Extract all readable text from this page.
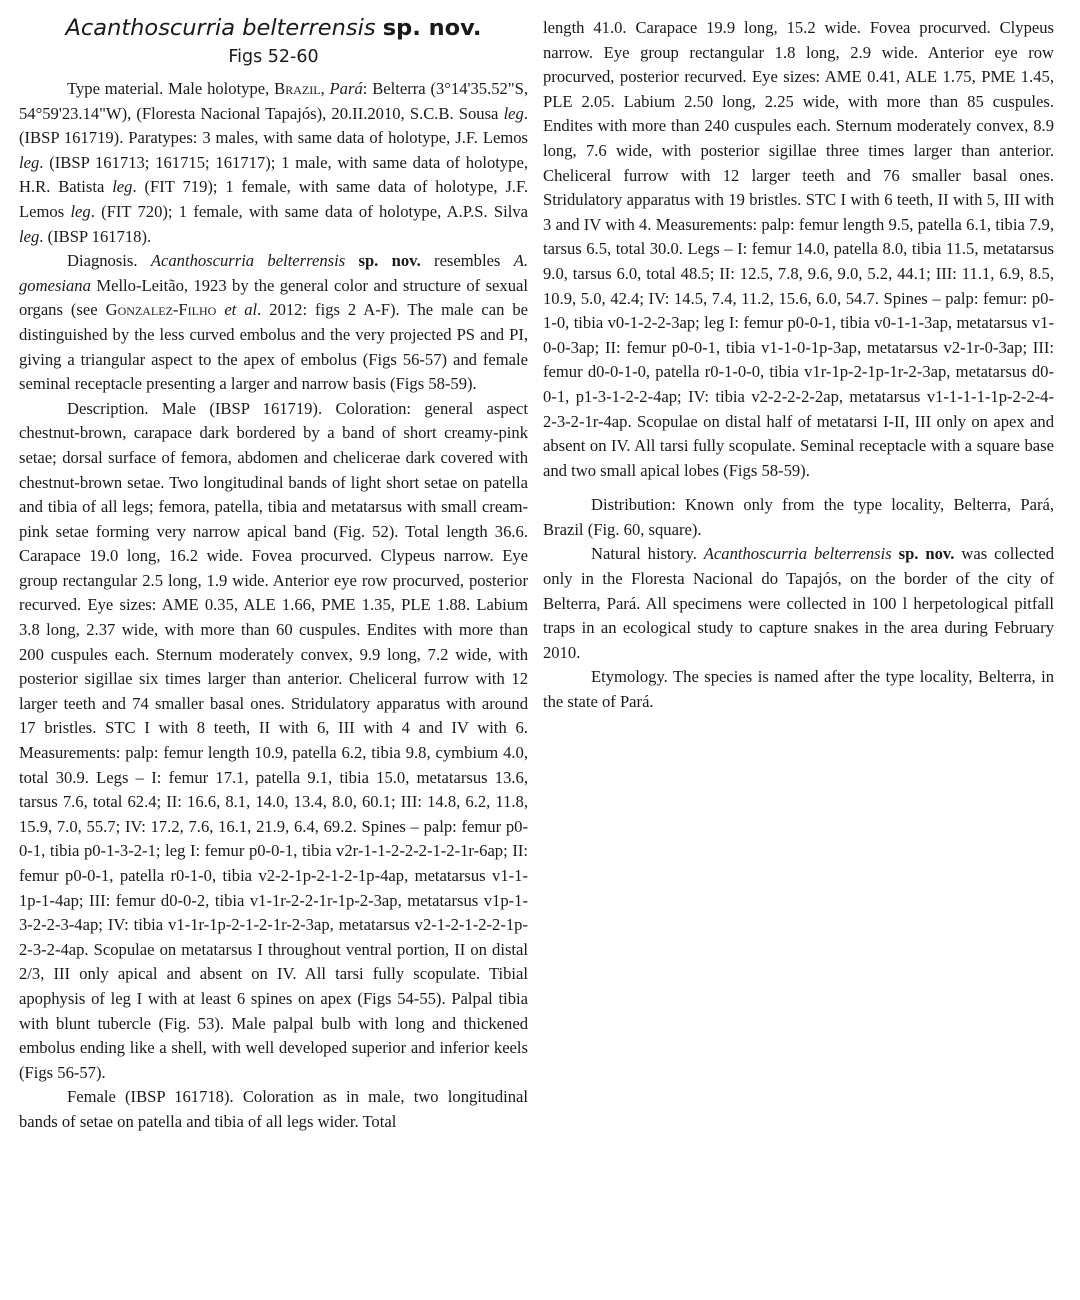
Acanthoscurria belterrensis sp. nov.
Figs 52-60

Type material. Male holotype, Brazil, Pará: Belterra (3°14'35.52"S, 54°59'23.14"W), (Floresta Nacional Tapajós), 20.II.2010, S.C.B. Sousa leg. (IBSP 161719). Paratypes: 3 males, with same data of holotype, J.F. Lemos leg. (IBSP 161713; 161715; 161717); 1 male, with same data of holotype, H.R. Batista leg. (FIT 719); 1 female, with same data of holotype, J.F. Lemos leg. (FIT 720); 1 female, with same data of holotype, A.P.S. Silva leg. (IBSP 161718).

Diagnosis. Acanthoscurria belterrensis sp. nov. resembles A. gomesiana Mello-Leitão, 1923 by the general color and structure of sexual organs (see Gonzalez-Filho et al. 2012: figs 2 A-F). The male can be distinguished by the less curved embolus and the very projected PS and PI, giving a triangular aspect to the apex of embolus (Figs 56-57) and female seminal receptacle presenting a larger and narrow basis (Figs 58-59).

Description. Male (IBSP 161719). Coloration: general aspect chestnut-brown, carapace dark bordered by a band of short creamy-pink setae; dorsal surface of femora, abdomen and chelicerae dark covered with chestnut-brown setae. Two longitudinal bands of light short setae on patella and tibia of all legs; femora, patella, tibia and metatarsus with small cream-pink setae forming very narrow apical band (Fig. 52). Total length 36.6. Carapace 19.0 long, 16.2 wide. Fovea procurved. Clypeus narrow. Eye group rectangular 2.5 long, 1.9 wide. Anterior eye row procurved, posterior recurved. Eye sizes: AME 0.35, ALE 1.66, PME 1.35, PLE 1.88. Labium 3.8 long, 2.37 wide, with more than 60 cuspules. Endites with more than 200 cuspules each. Sternum moderately convex, 9.9 long, 7.2 wide, with posterior sigillae six times larger than anterior. Cheliceral furrow with 12 larger teeth and 74 smaller basal ones. Stridulatory apparatus with around 17 bristles. STC I with 8 teeth, II with 6, III with 4 and IV with 6. Measurements: palp: femur length 10.9, patella 6.2, tibia 9.8, cymbium 4.0, total 30.9. Legs – I: femur 17.1, patella 9.1, tibia 15.0, metatarsus 13.6, tarsus 7.6, total 62.4; II: 16.6, 8.1, 14.0, 13.4, 8.0, 60.1; III: 14.8, 6.2, 11.8, 15.9, 7.0, 55.7; IV: 17.2, 7.6, 16.1, 21.9, 6.4, 69.2. Spines – palp: femur p0-0-1, tibia p0-1-3-2-1; leg I: femur p0-0-1, tibia v2r-1-1-2-2-2-1-2-1r-6ap; II: femur p0-0-1, patella r0-1-0, tibia v2-2-1p-2-1-2-1p-4ap, metatarsus v1-1-1p-1-4ap; III: femur d0-0-2, tibia v1-1r-2-2-1r-1p-2-3ap, metatarsus v1p-1-3-2-2-3-4ap; IV: tibia v1-1r-1p-2-1-2-1r-2-3ap, metatarsus v2-1-2-1-2-2-1p-2-3-2-4ap. Scopulae on metatarsus I throughout ventral portion, II on distal 2/3, III only apical and absent on IV. All tarsi fully scopulate. Tibial apophysis of leg I with at least 6 spines on apex (Figs 54-55). Palpal tibia with blunt tubercle (Fig. 53). Male palpal bulb with long and thickened embolus ending like a shell, with well developed superior and inferior keels (Figs 56-57).

Female (IBSP 161718). Coloration as in male, two longitudinal bands of setae on patella and tibia of all legs wider. Total

length 41.0. Carapace 19.9 long, 15.2 wide. Fovea procurved. Clypeus narrow. Eye group rectangular 1.8 long, 2.9 wide. Anterior eye row procurved, posterior recurved. Eye sizes: AME 0.41, ALE 1.75, PME 1.45, PLE 2.05. Labium 2.50 long, 2.25 wide, with more than 85 cuspules. Endites with more than 240 cuspules each. Sternum moderately convex, 8.9 long, 7.6 wide, with posterior sigillae three times larger than anterior. Cheliceral furrow with 12 larger teeth and 76 smaller basal ones. Stridulatory apparatus with 19 bristles. STC I with 6 teeth, II with 5, III with 3 and IV with 4. Measurements: palp: femur length 9.5, patella 6.1, tibia 7.9, tarsus 6.5, total 30.0. Legs – I: femur 14.0, patella 8.0, tibia 11.5, metatarsus 9.0, tarsus 6.0, total 48.5; II: 12.5, 7.8, 9.6, 9.0, 5.2, 44.1; III: 11.1, 6.9, 8.5, 10.9, 5.0, 42.4; IV: 14.5, 7.4, 11.2, 15.6, 6.0, 54.7. Spines – palp: femur: p0-1-0, tibia v0-1-2-2-3ap; leg I: femur p0-0-1, tibia v0-1-1-3ap, metatarsus v1-0-0-3ap; II: femur p0-0-1, tibia v1-1-0-1p-3ap, metatarsus v2-1r-0-3ap; III: femur d0-0-1-0, patella r0-1-0-0, tibia v1r-1p-2-1p-1r-2-3ap, metatarsus d0-0-1, p1-3-1-2-2-4ap; IV: tibia v2-2-2-2-2ap, metatarsus v1-1-1-1-1p-2-2-4-2-3-2-1r-4ap. Scopulae on distal half of metatarsi I-II, III only on apex and absent on IV. All tarsi fully scopulate. Seminal receptacle with a square base and two small apical lobes (Figs 58-59).

Distribution: Known only from the type locality, Belterra, Pará, Brazil (Fig. 60, square).

Natural history. Acanthoscurria belterrensis sp. nov. was collected only in the Floresta Nacional do Tapajós, on the border of the city of Belterra, Pará. All specimens were collected in 100 l herpetological pitfall traps in an ecological study to capture snakes in the area during February 2010.

Etymology. The species is named after the type locality, Belterra, in the state of Pará.
